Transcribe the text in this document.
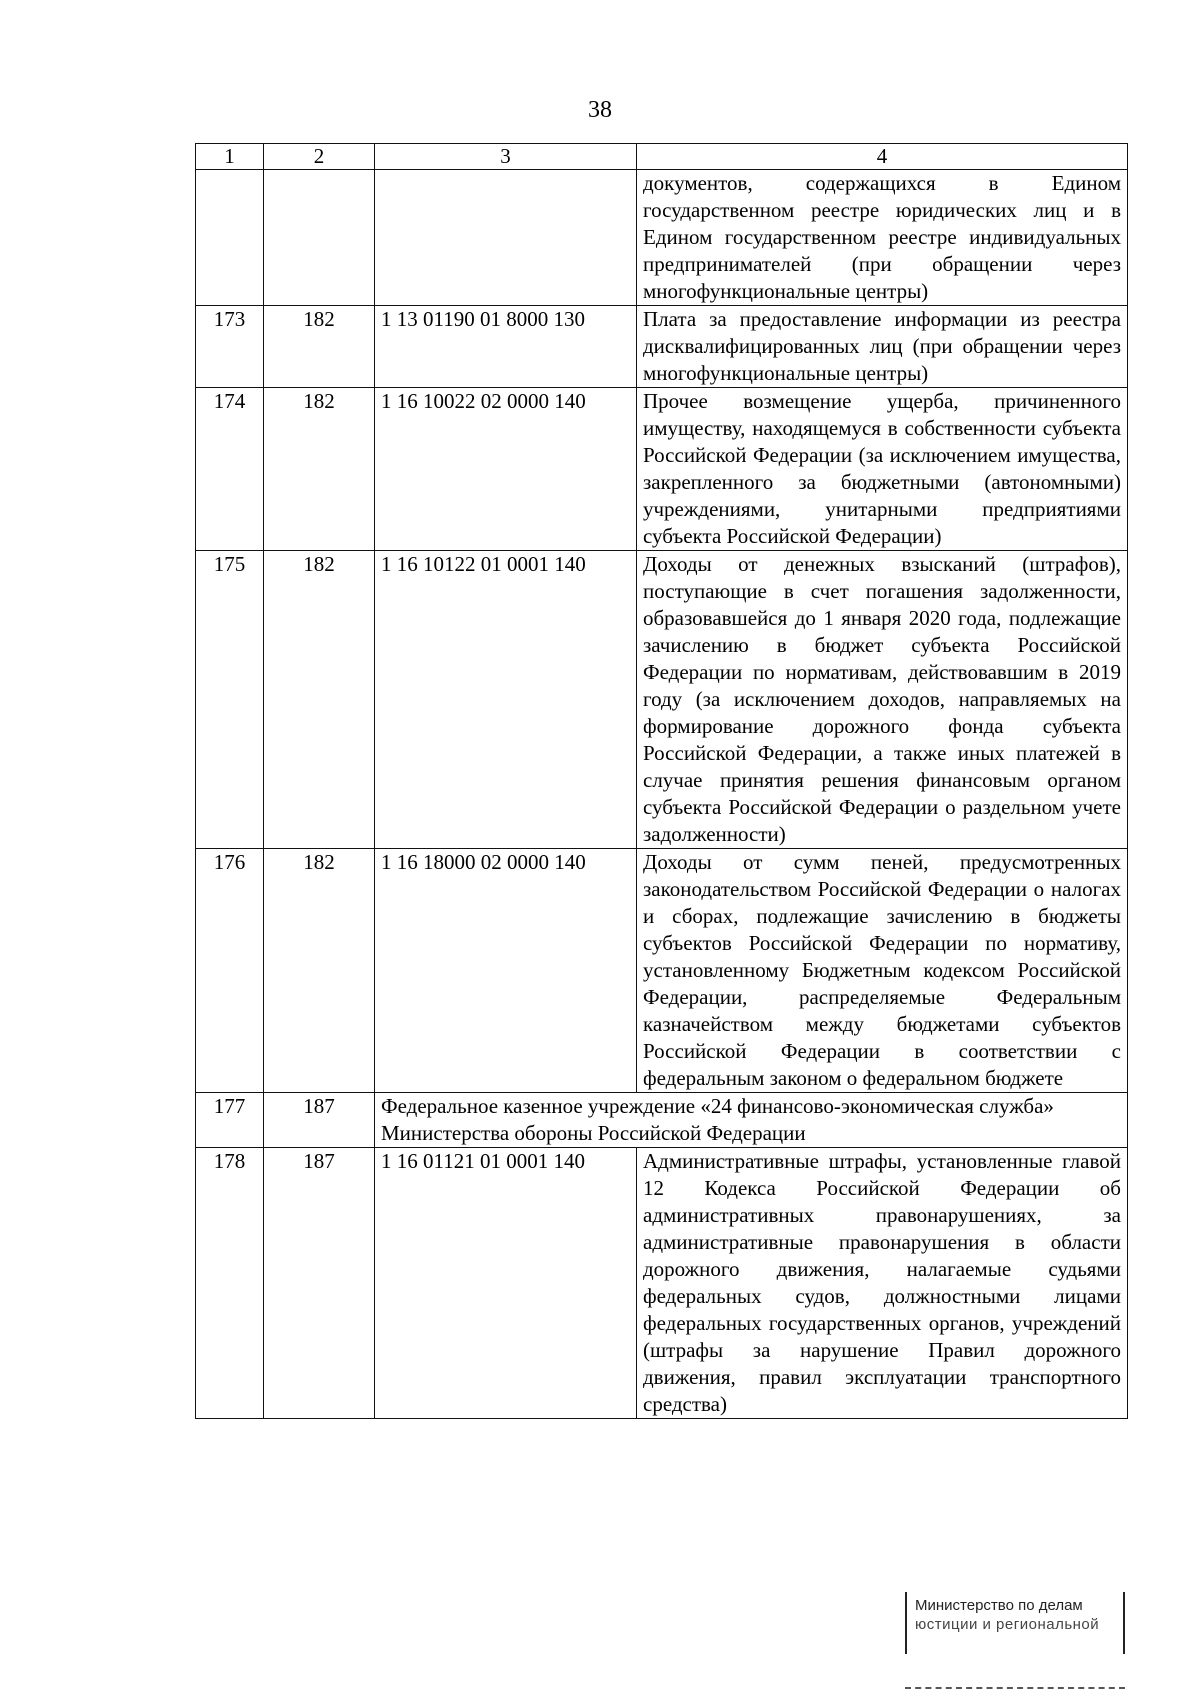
38
1	2	3	4
			документов, содержащихся в Едином государственном реестре юридических лиц и в Едином государственном реестре индивидуальных предпринимателей (при обращении через многофункциональные центры)
173	182	1 13 01190 01 8000 130	Плата за предоставление информации из реестра дисквалифицированных лиц (при обращении через многофункциональные центры)
174	182	1 16 10022 02 0000 140	Прочее возмещение ущерба, причиненного имуществу, находящемуся в собственности субъекта Российской Федерации (за исключением имущества, закрепленного за бюджетными (автономными) учреждениями, унитарными предприятиями субъекта Российской Федерации)
175	182	1 16 10122 01 0001 140	Доходы от денежных взысканий (штрафов), поступающие в счет погашения задолженности, образовавшейся до 1 января 2020 года, подлежащие зачислению в бюджет субъекта Российской Федерации по нормативам, действовавшим в 2019 году (за исключением доходов, направляемых на формирование дорожного фонда субъекта Российской Федерации, а также иных платежей в случае принятия решения финансовым органом субъекта Российской Федерации о раздельном учете задолженности)
176	182	1 16 18000 02 0000 140	Доходы от сумм пеней, предусмотренных законодательством Российской Федерации о налогах и сборах, подлежащие зачислению в бюджеты субъектов Российской Федерации по нормативу, установленному Бюджетным кодексом Российской Федерации, распределяемые Федеральным казначейством между бюджетами субъектов Российской Федерации в соответствии с федеральным законом о федеральном бюджете
177	187	Федеральное казенное учреждение «24 финансово-экономическая служба» Министерства обороны Российской Федерации	
178	187	1 16 01121 01 0001 140	Административные штрафы, установленные главой 12 Кодекса Российской Федерации об административных правонарушениях, за административные правонарушения в области дорожного движения, налагаемые судьями федеральных судов, должностными лицами федеральных государственных органов, учреждений (штрафы за нарушение Правил дорожного движения, правил эксплуатации транспортного средства)
Министерство по делам
юстиции и региональной
